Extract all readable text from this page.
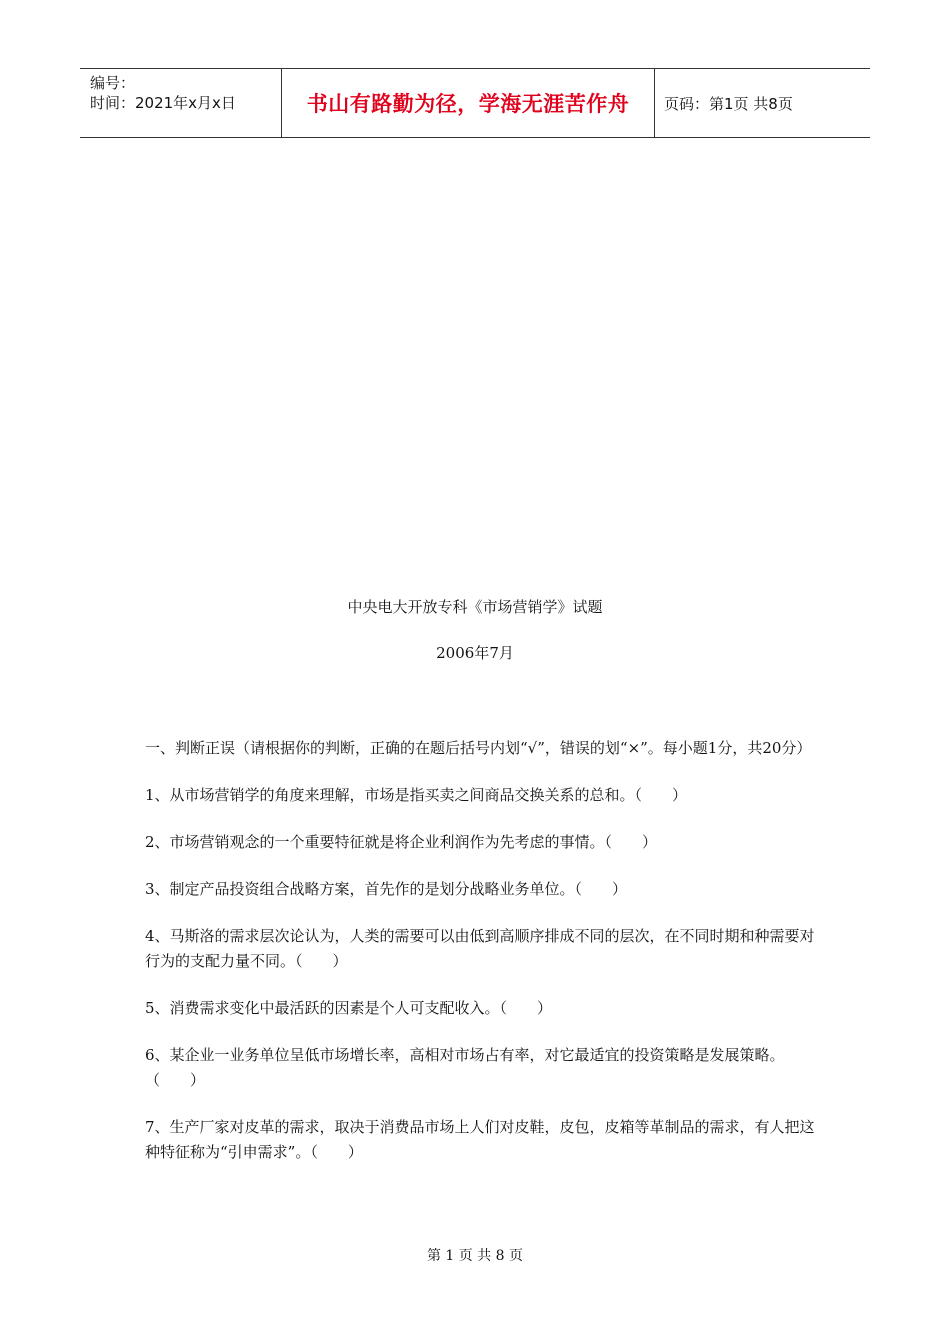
编号：
时间：2021年x月x日	书山有路勤为径，学海无涯苦作舟	页码：第1页 共8页
中央电大开放专科《市场营销学》试题
2006年7月

一、判断正误（请根据你的判断，正确的在题后括号内划“√”，错误的划“×”。每小题1分，共20分）

1、从市场营销学的角度来理解，市场是指买卖之间商品交换关系的总和。（　　）

2、市场营销观念的一个重要特征就是将企业利润作为先考虑的事情。（　　）

3、制定产品投资组合战略方案，首先作的是划分战略业务单位。（　　）

4、马斯洛的需求层次论认为，人类的需要可以由低到高顺序排成不同的层次，在不同时期和种需要对行为的支配力量不同。（　　）

5、消费需求变化中最活跃的因素是个人可支配收入。（　　）

6、某企业一业务单位呈低市场增长率，高相对市场占有率，对它最适宜的投资策略是发展策略。（　　）

7、生产厂家对皮革的需求，取决于消费品市场上人们对皮鞋，皮包，皮箱等革制品的需求，有人把这种特征称为“引申需求”。（　　）

第 1 页 共 8 页
